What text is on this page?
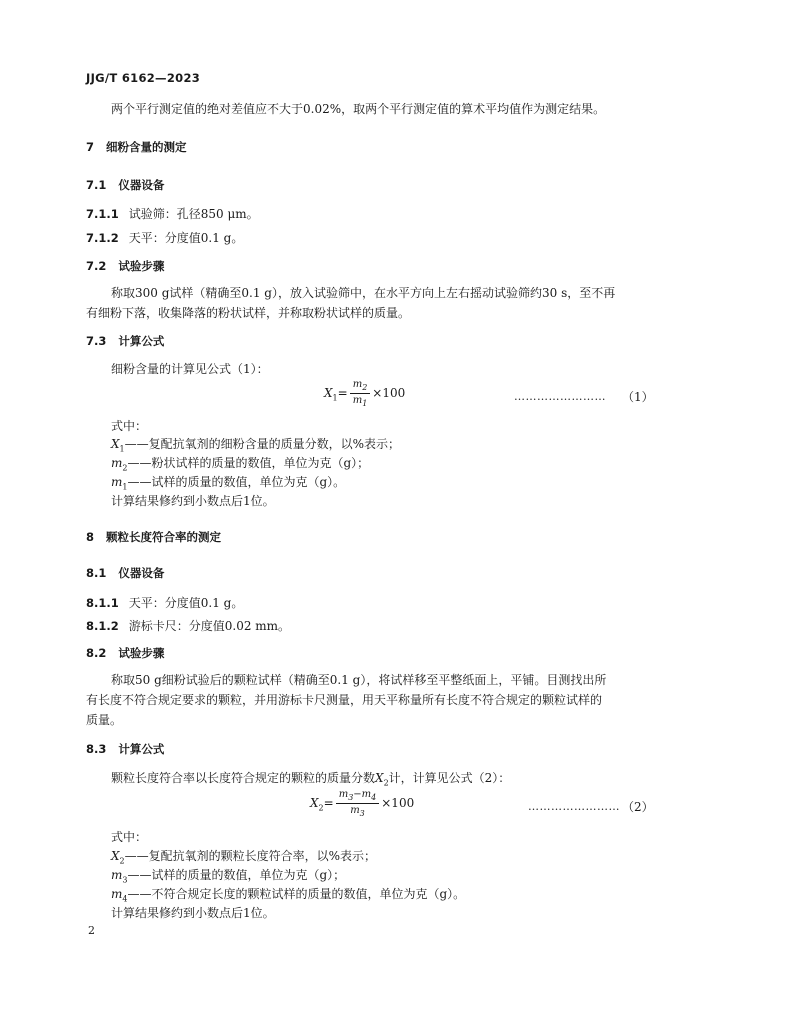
JJG/T 6162—2023
两个平行测定值的绝对差值应不大于0.02%，取两个平行测定值的算术平均值作为测定结果。
7 细粉含量的测定
7.1 仪器设备
7.1.1 试验筛：孔径850 μm。
7.1.2 天平：分度值0.1 g。
7.2 试验步骤
称取300 g试样（精确至0.1 g），放入试验筛中，在水平方向上左右摇动试验筛约30 s，至不再
有细粉下落，收集降落的粉状试样，并称取粉状试样的质量。
7.3 计算公式
细粉含量的计算见公式（1）：
$X_1= \frac{m_2}{m_1} \times 100$	…………………… （1）
式中：
$X_1——$复配抗氧剂的细粉含量的质量分数，以%表示；
$m_2——$粉状试样的质量的数值，单位为克（g）；
$m_1——$试样的质量的数值，单位为克（g）。
计算结果修约到小数点后1位。
8 颗粒长度符合率的测定
8.1 仪器设备
8.1.1 天平：分度值0.1 g。
8.1.2 游标卡尺：分度值0.02 mm。
8.2 试验步骤
称取50 g细粉试验后的颗粒试样（精确至0.1 g），将试样移至平整纸面上，平铺。目测找出所
有长度不符合规定要求的颗粒，并用游标卡尺测量，用天平称量所有长度不符合规定的颗粒试样的
质量。
8.3 计算公式
颗粒长度符合率以长度符合规定的颗粒的质量分数$X_2$计，计算见公式（2）：
$X_2= \frac{m_3-m_4}{m_3} \times 100$	…………………… （2）
式中：
$X_2——$复配抗氧剂的颗粒长度符合率，以%表示；
$m_3——$试样的质量的数值，单位为克（g）；
$m_4——$不符合规定长度的颗粒试样的质量的数值，单位为克（g）。
计算结果修约到小数点后1位。
2
